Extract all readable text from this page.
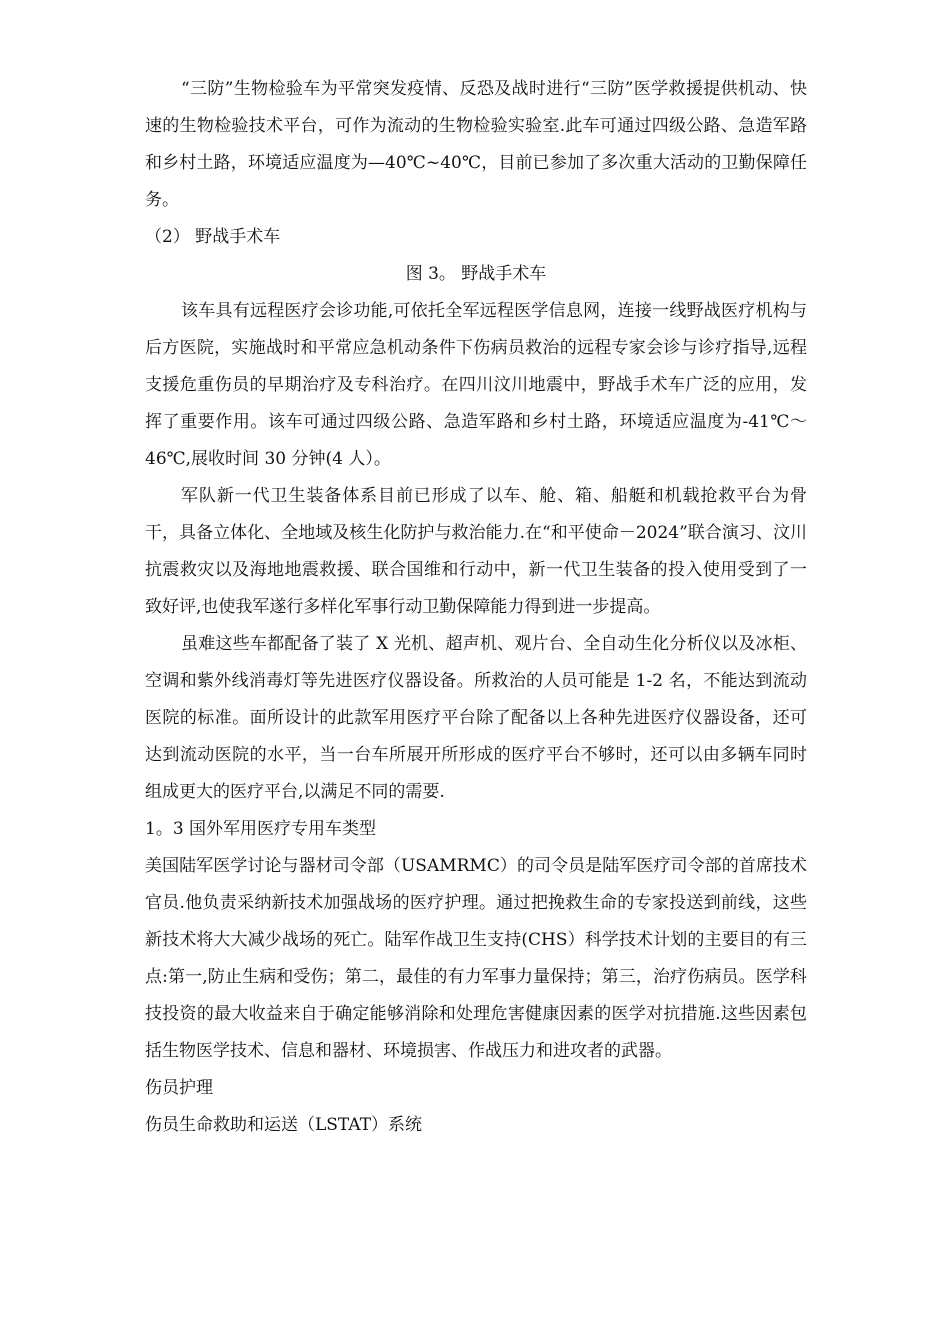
“三防”生物检验车为平常突发疫情、反恐及战时进行“三防”医学救援提供机动、快速的生物检验技术平台，可作为流动的生物检验实验室.此车可通过四级公路、急造军路和乡村土路，环境适应温度为—40℃~40℃，目前已参加了多次重大活动的卫勤保障任务。

（2） 野战手术车

图 3。 野战手术车

该车具有远程医疗会诊功能,可依托全军远程医学信息网，连接一线野战医疗机构与后方医院，实施战时和平常应急机动条件下伤病员救治的远程专家会诊与诊疗指导,远程支援危重伤员的早期治疗及专科治疗。在四川汶川地震中，野战手术车广泛的应用，发挥了重要作用。该车可通过四级公路、急造军路和乡村土路，环境适应温度为-41℃～46℃,展收时间 30 分钟(4 人）。

军队新一代卫生装备体系目前已形成了以车、舱、箱、船艇和机载抢救平台为骨干，具备立体化、全地域及核生化防护与救治能力.在“和平使命－2024”联合演习、汶川抗震救灾以及海地地震救援、联合国维和行动中，新一代卫生装备的投入使用受到了一致好评,也使我军遂行多样化军事行动卫勤保障能力得到进一步提高。

虽难这些车都配备了装了 X 光机、超声机、观片台、全自动生化分析仪以及冰柜、空调和紫外线消毒灯等先进医疗仪器设备。所救治的人员可能是 1-2 名，不能达到流动医院的标准。面所设计的此款军用医疗平台除了配备以上各种先进医疗仪器设备，还可达到流动医院的水平，当一台车所展开所形成的医疗平台不够时，还可以由多辆车同时组成更大的医疗平台,以满足不同的需要.

1。3 国外军用医疗专用车类型

美国陆军医学讨论与器材司令部（USAMRMC）的司令员是陆军医疗司令部的首席技术官员.他负责采纳新技术加强战场的医疗护理。通过把挽救生命的专家投送到前线，这些新技术将大大减少战场的死亡。陆军作战卫生支持(CHS）科学技术计划的主要目的有三点:第一,防止生病和受伤；第二，最佳的有力军事力量保持；第三，治疗伤病员。医学科技投资的最大收益来自于确定能够消除和处理危害健康因素的医学对抗措施.这些因素包括生物医学技术、信息和器材、环境损害、作战压力和进攻者的武器。

伤员护理

伤员生命救助和运送（LSTAT）系统
